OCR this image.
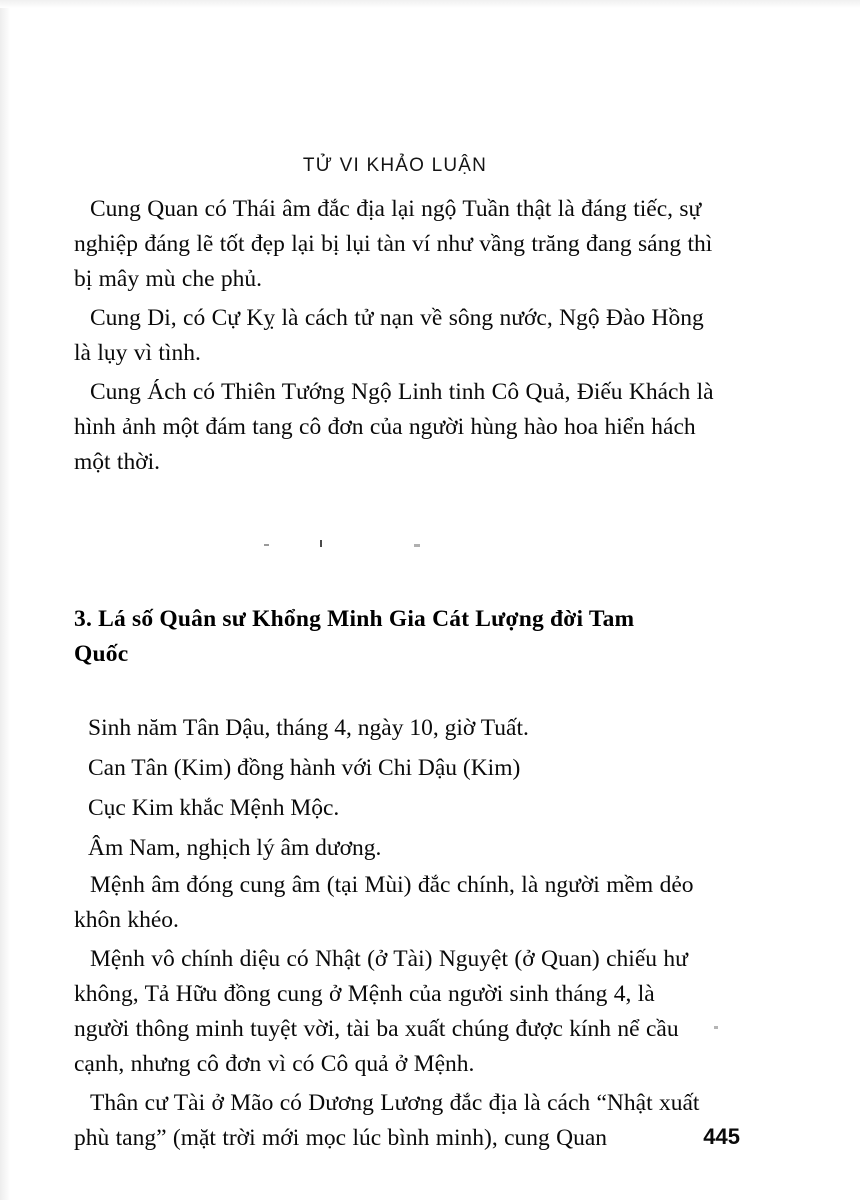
TỬ VI KHẢO LUẬN

Cung Quan có Thái âm đắc địa lại ngộ Tuần thật là đáng tiếc, sự nghiệp đáng lẽ tốt đẹp lại bị lụi tàn ví như vầng trăng đang sáng thì bị mây mù che phủ.

Cung Di, có Cự Kỵ là cách tử nạn về sông nước, Ngộ Đào Hồng là lụy vì tình.

Cung Ách có Thiên Tướng Ngộ Linh tinh Cô Quả, Điếu Khách là hình ảnh một đám tang cô đơn của người hùng hào hoa hiển hách một thời.

3. Lá số Quân sư Khổng Minh Gia Cát Lượng đời Tam Quốc
Sinh năm Tân Dậu, tháng 4, ngày 10, giờ Tuất.
Can Tân (Kim) đồng hành với Chi Dậu (Kim)
Cục Kim khắc Mệnh Mộc.
Âm Nam, nghịch lý âm dương.

Mệnh âm đóng cung âm (tại Mùi) đắc chính, là người mềm dẻo khôn khéo.

Mệnh vô chính diệu có Nhật (ở Tài) Nguyệt (ở Quan) chiếu hư không, Tả Hữu đồng cung ở Mệnh của người sinh tháng 4, là người thông minh tuyệt vời, tài ba xuất chúng được kính nể cầu cạnh, nhưng cô đơn vì có Cô quả ở Mệnh.

Thân cư Tài ở Mão có Dương Lương đắc địa là cách “Nhật xuất phù tang” (mặt trời mới mọc lúc bình minh), cung Quan	445
